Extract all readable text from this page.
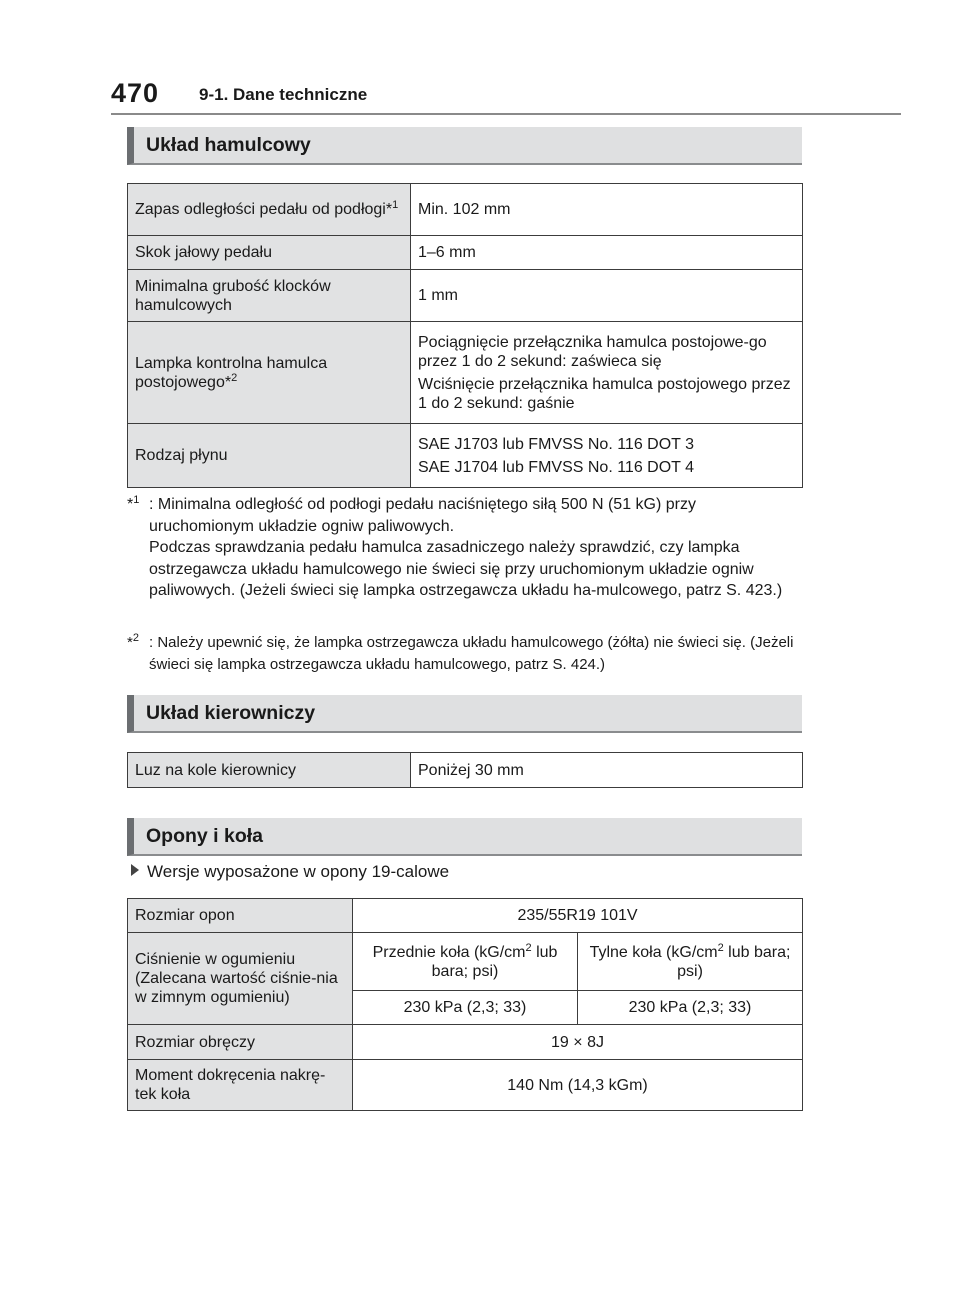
470 9-1. Dane techniczne
Układ hamulcowy
Zapas odległości pedału od podłogi*$^1$	Min. 102 mm
Skok jałowy pedału	1–6 mm
Minimalna grubość klocków hamulcowych	1 mm
Lampka kontrolna hamulca postojowego*$^2$	Pociągnięcie przełącznika hamulca postojowe-go przez 1 do 2 sekund: zaświeca się

Wciśnięcie przełącznika hamulca postojowego przez 1 do 2 sekund: gaśnie

Rodzaj płynu	SAE J1703 lub FMVSS No. 116 DOT 3

SAE J1704 lub FMVSS No. 116 DOT 4

*$^1$ : Minimalna odległość od podłogi pedału naciśniętego siłą 500 N (51 kG) przy uruchomionym układzie ogniw paliwowych.
Podczas sprawdzania pedału hamulca zasadniczego należy sprawdzić, czy lampka ostrzegawcza układu hamulcowego nie świeci się przy uruchomionym układzie ogniw paliwowych. (Jeżeli świeci się lampka ostrzegawcza układu ha-mulcowego, patrz S. 423.)
*$^2$ : Należy upewnić się, że lampka ostrzegawcza układu hamulcowego (żółta) nie świeci się. (Jeżeli świeci się lampka ostrzegawcza układu hamulcowego, patrz S. 424.)
Układ kierowniczy
Luz na kole kierownicy	Poniżej 30 mm
Opony i koła
Wersje wyposażone w opony 19-calowe
Rozmiar opon	235/55R19 101V	
Ciśnienie w ogumieniu (Zalecana wartość ciśnie-nia w zimnym ogumieniu)	Przednie koła ($kG/cm^2$ lub bara; psi)	Tylne koła ($kG/cm^2$ lub bara; psi)
	230 kPa (2,3; 33)	230 kPa (2,3; 33)
Rozmiar obręczy	19 × 8J	
Moment dokręcenia nakrę-tek koła	140 Nm (14,3 kGm)	
